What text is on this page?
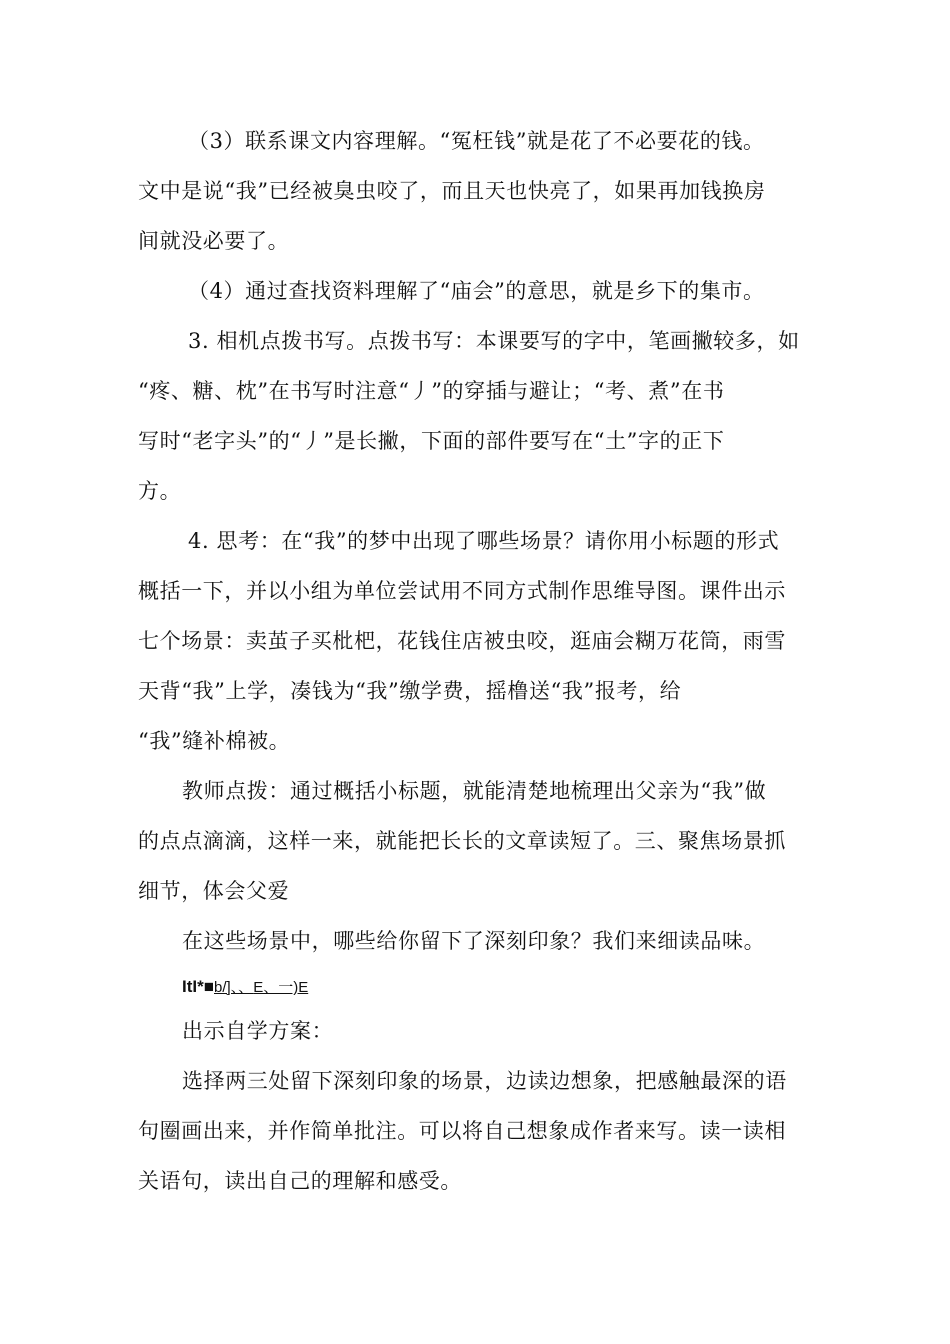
（3）联系课文内容理解。“冤枉钱”就是花了不必要花的钱。
文中是说“我”已经被臭虫咬了，而且天也快亮了，如果再加钱换房
间就没必要了。
（4）通过查找资料理解了“庙会”的意思，就是乡下的集市。
3. 相机点拨书写。点拨书写：本课要写的字中，笔画撇较多，如
“疼、糖、枕”在书写时注意“丿”的穿插与避让；“考、煮”在书
写时“老字头”的“丿”是长撇，下面的部件要写在“土”字的正下
方。
4. 思考：在“我”的梦中出现了哪些场景？请你用小标题的形式
概括一下，并以小组为单位尝试用不同方式制作思维导图。课件出示
七个场景：卖茧子买枇杷，花钱住店被虫咬，逛庙会糊万花筒，雨雪
天背“我”上学，凑钱为“我”缴学费，摇橹送“我”报考，给
“我”缝补棉被。
教师点拨：通过概括小标题，就能清楚地梳理出父亲为“我”做
的点点滴滴，这样一来，就能把长长的文章读短了。三、聚焦场景抓
细节，体会父爱
在这些场景中，哪些给你留下了深刻印象？我们来细读品味。
ItI*■b/]、、Ε、一)Ε
出示自学方案：
选择两三处留下深刻印象的场景，边读边想象，把感触最深的语
句圈画出来，并作简单批注。可以将自己想象成作者来写。读一读相
关语句，读出自己的理解和感受。
